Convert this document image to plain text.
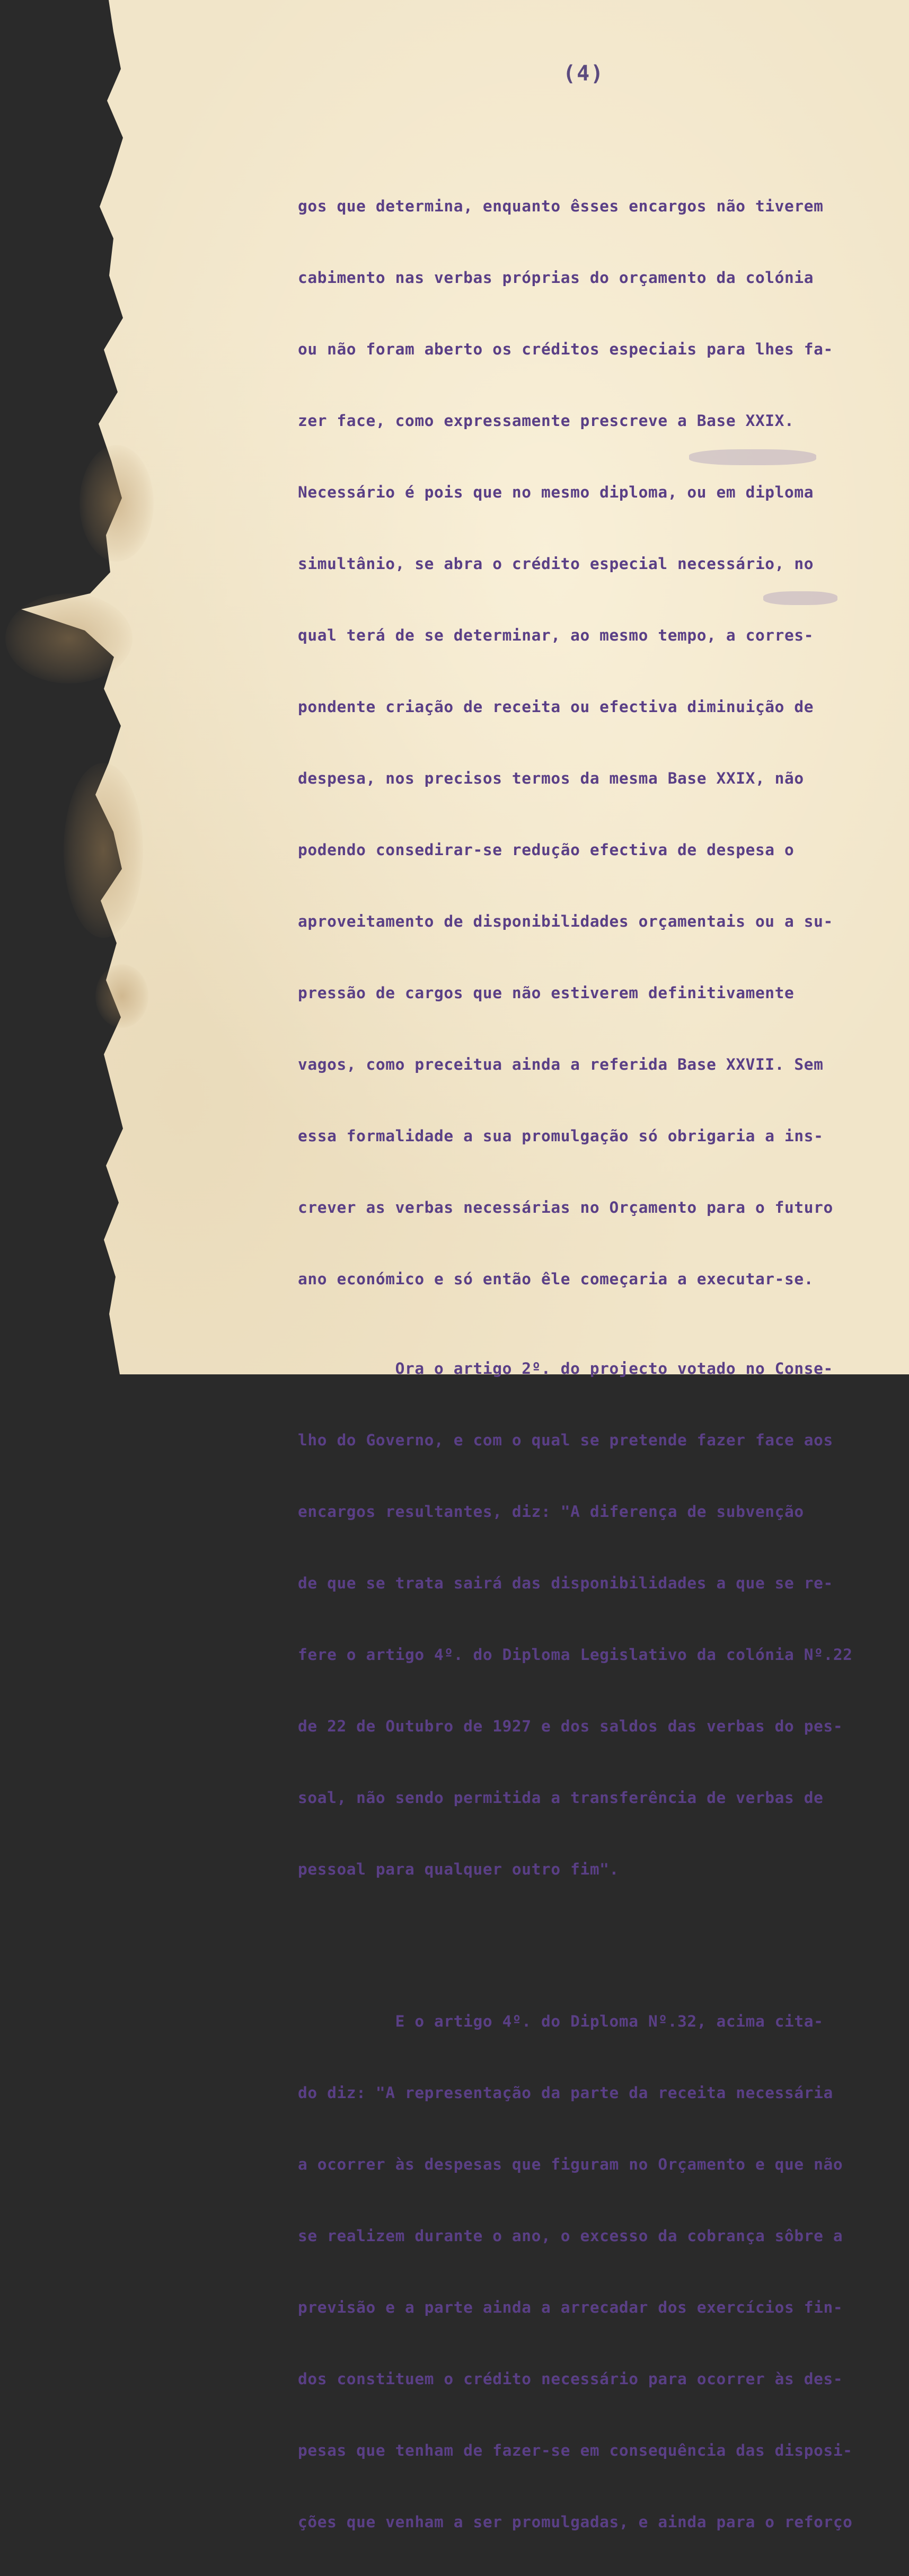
(4)

gos que determina, enquanto êsses encargos não tiverem

cabimento nas verbas próprias do orçamento da colónia

ou não foram aberto os créditos especiais para lhes fa-

zer face, como expressamente prescreve a Base XXIX.

Necessário é pois que no mesmo diploma, ou em diploma

simultânio, se abra o crédito especial necessário, no

qual terá de se determinar, ao mesmo tempo, a corres-

pondente criação de receita ou efectiva diminuição de

despesa, nos precisos termos da mesma Base XXIX, não

podendo consedirar-se redução efectiva de despesa o

aproveitamento de disponibilidades orçamentais ou a su-

pressão de cargos que não estiverem definitivamente

vagos, como preceitua ainda a referida Base XXVII. Sem

essa formalidade a sua promulgação só obrigaria a ins-

crever as verbas necessárias no Orçamento para o futuro

ano económico e só então êle começaria a executar-se.

Ora o artigo 2º. do projecto votado no Conse-

lho do Governo, e com o qual se pretende fazer face aos

encargos resultantes, diz: "A diferença de subvenção

de que se trata sairá das disponibilidades a que se re-

fere o artigo 4º. do Diploma Legislativo da colónia Nº.22

de 22 de Outubro de 1927 e dos saldos das verbas do pes-

soal, não sendo permitida a transferência de verbas de

pessoal para qualquer outro fim".

E o artigo 4º. do Diploma Nº.32, acima cita-

do diz: "A representação da parte da receita necessária

a ocorrer às despesas que figuram no Orçamento e que não

se realizem durante o ano, o excesso da cobrança sôbre a

previsão e a parte ainda a arrecadar dos exercícios fin-

dos constituem o crédito necessário para ocorrer às des-

pesas que tenham de fazer-se em consequência das disposi-

ções que venham a ser promulgadas, e ainda para o reforço
